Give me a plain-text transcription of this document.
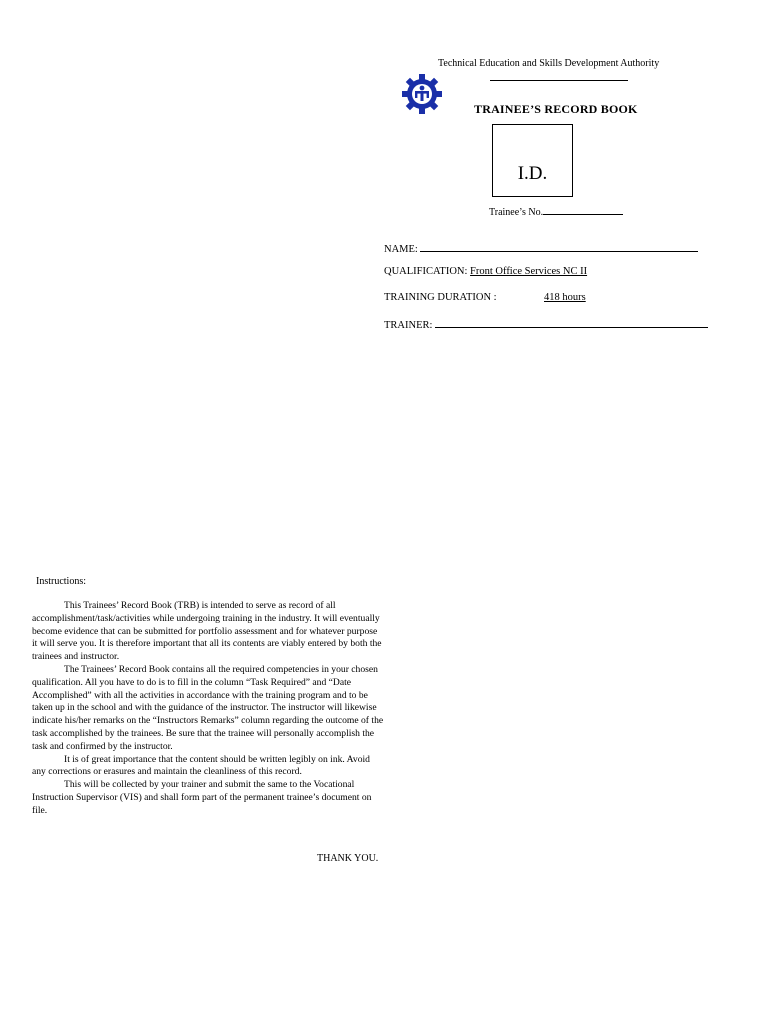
Technical Education and Skills Development Authority
TRAINEE’S RECORD BOOK
I.D.
Trainee’s No.
NAME:
QUALIFICATION: Front Office Services NC II
TRAINING DURATION :	418 hours
TRAINER:
Instructions:

This Trainees’ Record Book (TRB) is intended to serve as record of all accomplishment/task/activities while undergoing training in the industry. It will eventually become evidence that can be submitted for portfolio assessment and for whatever purpose it will serve you. It is therefore important that all its contents are viably entered by both the trainees and instructor.

The Trainees’ Record Book contains all the required competencies in your chosen qualification. All you have to do is to fill in the column “Task Required” and “Date Accomplished” with all the activities in accordance with the training program and to be taken up in the school and with the guidance of the instructor. The instructor will likewise indicate his/her remarks on the “Instructors Remarks” column regarding the outcome of the task accomplished by the trainees. Be sure that the trainee will personally accomplish the task and confirmed by the instructor.

It is of great importance that the content should be written legibly on ink. Avoid any corrections or erasures and maintain the cleanliness of this record.

This will be collected by your trainer and submit the same to the Vocational Instruction Supervisor (VIS) and shall form part of the permanent trainee’s document on file.

THANK YOU.
